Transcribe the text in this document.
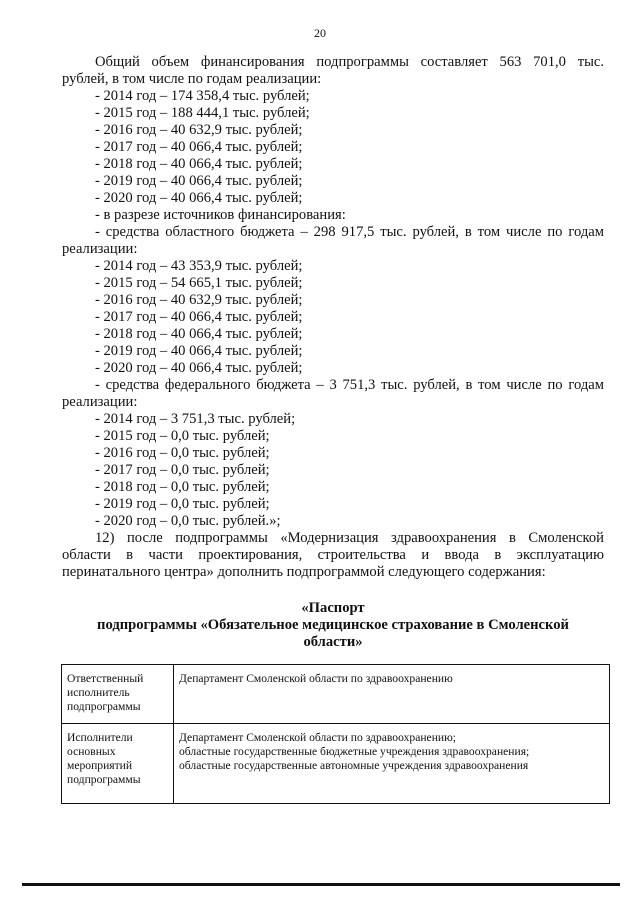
20
Общий объем финансирования подпрограммы составляет 563 701,0 тыс.
рублей, в том числе по годам реализации:
- 2014 год – 174 358,4 тыс. рублей;
- 2015 год – 188 444,1 тыс. рублей;
- 2016 год – 40 632,9 тыс. рублей;
- 2017 год – 40 066,4 тыс. рублей;
- 2018 год – 40 066,4 тыс. рублей;
- 2019 год – 40 066,4 тыс. рублей;
- 2020 год – 40 066,4 тыс. рублей;
- в разрезе источников финансирования:
- средства областного бюджета – 298 917,5 тыс. рублей, в том числе по годам
реализации:
- 2014 год – 43 353,9 тыс. рублей;
- 2015 год – 54 665,1 тыс. рублей;
- 2016 год – 40 632,9 тыс. рублей;
- 2017 год – 40 066,4 тыс. рублей;
- 2018 год – 40 066,4 тыс. рублей;
- 2019 год – 40 066,4 тыс. рублей;
- 2020 год – 40 066,4 тыс. рублей;
- средства федерального бюджета – 3 751,3 тыс. рублей, в том числе по годам
реализации:
- 2014 год – 3 751,3 тыс. рублей;
- 2015 год – 0,0 тыс. рублей;
- 2016 год – 0,0 тыс. рублей;
- 2017 год – 0,0 тыс. рублей;
- 2018 год – 0,0 тыс. рублей;
- 2019 год – 0,0 тыс. рублей;
- 2020 год – 0,0 тыс. рублей.»;
12) после подпрограммы «Модернизация здравоохранения в Смоленской
области в части проектирования, строительства и ввода в эксплуатацию
перинатального центра» дополнить подпрограммой следующего содержания:
«Паспорт
подпрограммы «Обязательное медицинское страхование в Смоленской
области»
Ответственный
исполнитель
подпрограммы	Департамент Смоленской области по здравоохранению

Исполнители
основных
мероприятий
подпрограммы	Департамент Смоленской области по здравоохранению;
областные государственные бюджетные учреждения здравоохранения;
областные государственные автономные учреждения здравоохранения
